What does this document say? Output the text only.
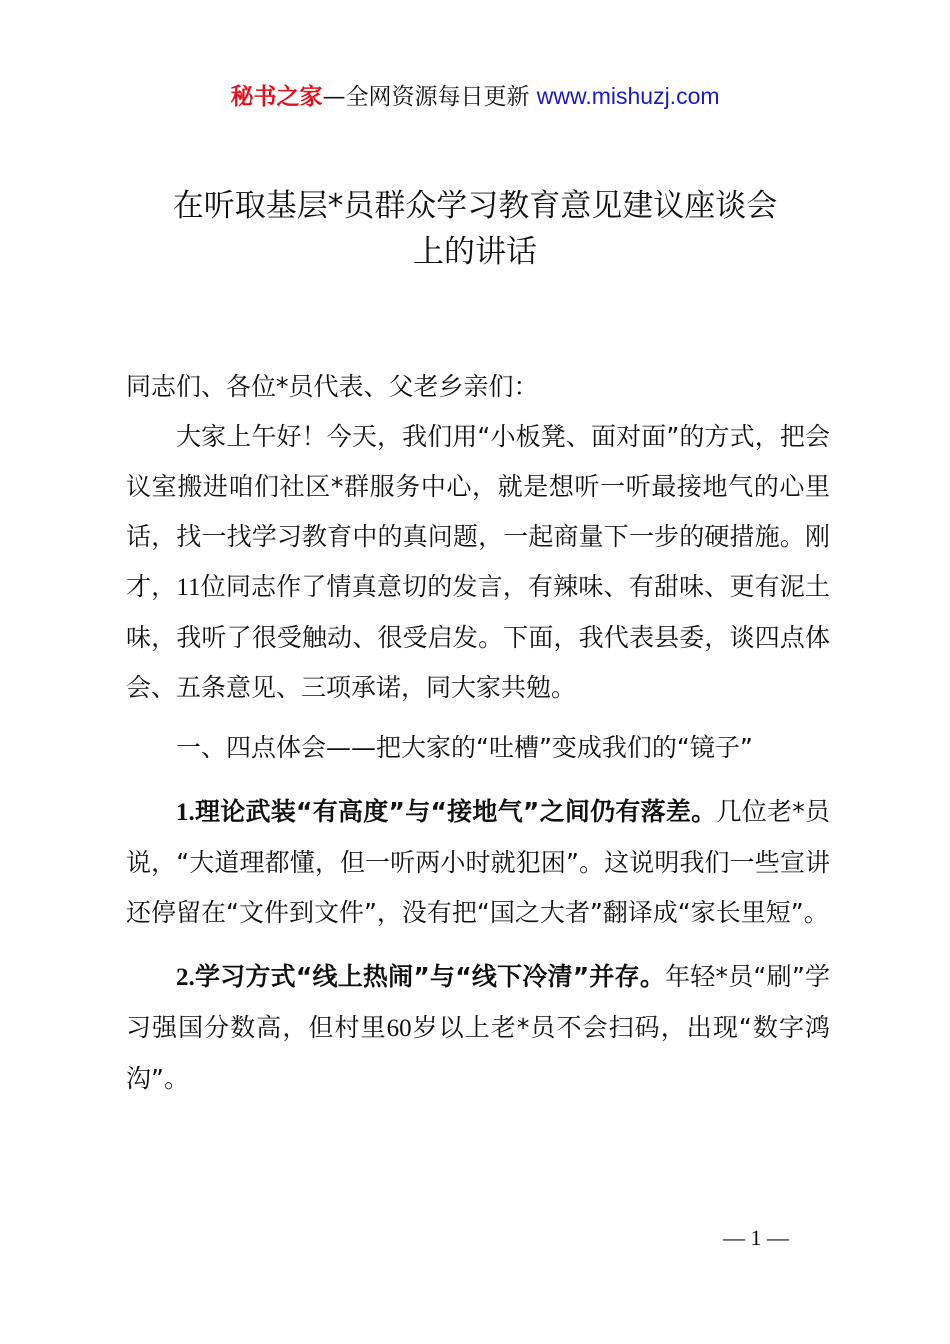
秘书之家—全网资源每日更新 www.mishuzj.com
在听取基层*员群众学习教育意见建议座谈会
上的讲话

同志们、各位*员代表、父老乡亲们：

大家上午好！今天，我们用“小板凳、面对面”的方式，把会议室搬进咱们社区*群服务中心，就是想听一听最接地气的心里话，找一找学习教育中的真问题，一起商量下一步的硬措施。刚才，11位同志作了情真意切的发言，有辣味、有甜味、更有泥土味，我听了很受触动、很受启发。下面，我代表县委，谈四点体会、五条意见、三项承诺，同大家共勉。

一、四点体会——把大家的“吐槽”变成我们的“镜子”

1.理论武装“有高度”与“接地气”之间仍有落差。几位老*员说，“大道理都懂，但一听两小时就犯困”。这说明我们一些宣讲还停留在“文件到文件”，没有把“国之大者”翻译成“家长里短”。

2.学习方式“线上热闹”与“线下冷清”并存。年轻*员“刷”学习强国分数高，但村里60岁以上老*员不会扫码，出现“数字鸿沟”。

— 1 —
